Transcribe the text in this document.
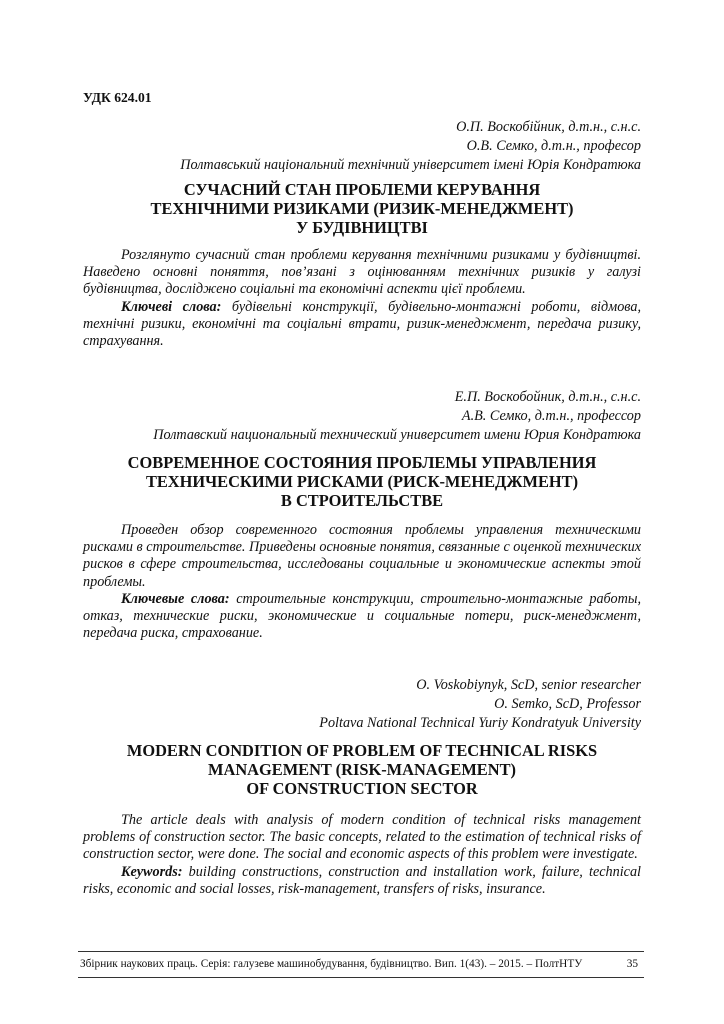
УДК 624.01
О.П. Воскобійник, д.т.н., с.н.с.
О.В. Семко, д.т.н., професор
Полтавський національний технічний університет імені Юрія Кондратюка
СУЧАСНИЙ СТАН ПРОБЛЕМИ КЕРУВАННЯ
ТЕХНІЧНИМИ РИЗИКАМИ (РИЗИК-МЕНЕДЖМЕНТ)
У БУДІВНИЦТВІ

Розглянуто сучасний стан проблеми керування технічними ризиками у будівництві. Наведено основні поняття, пов’язані з оцінюванням технічних ризиків у галузі будівництва, досліджено соціальні та економічні аспекти цієї проблеми.

Ключеві слова: будівельні конструкції, будівельно-монтажні роботи, відмова, технічні ризики, економічні та соціальні втрати, ризик-менеджмент, передача ризику, страхування.

Е.П. Воскобойник, д.т.н., с.н.с.
А.В. Семко, д.т.н., профессор
Полтавский национальный технический университет имени Юрия Кондратюка
СОВРЕМЕННОЕ СОСТОЯНИЯ ПРОБЛЕМЫ УПРАВЛЕНИЯ
ТЕХНИЧЕСКИМИ РИСКАМИ (РИСК-МЕНЕДЖМЕНТ)
В СТРОИТЕЛЬСТВЕ

Проведен обзор современного состояния проблемы управления техническими рисками в строительстве. Приведены основные понятия, связанные с оценкой технических рисков в сфере строительства, исследованы социальные и экономические аспекты этой проблемы.

Ключевые слова: строительные конструкции, строительно-монтажные работы, отказ, технические риски, экономические и социальные потери, риск-менеджмент, передача риска, страхование.

O. Voskobiynyk, ScD, senior researcher
O. Semko, ScD, Professor
Poltava National Technical Yuriy Kondratyuk University
MODERN CONDITION OF PROBLEM OF TECHNICAL RISKS
MANAGEMENT (RISK-MANAGEMENT)
OF CONSTRUCTION SECTOR

The article deals with analysis of modern condition of technical risks management problems of construction sector. The basic concepts, related to the estimation of technical risks of construction sector, were done. The social and economic aspects of this problem were investigate.

Keywords: building constructions, construction and installation work, failure, technical risks, economic and social losses, risk-management, transfers of risks, insurance.

Збірник наукових праць. Серія: галузеве машинобудування, будівництво. Вип. 1(43). – 2015. – ПолтНТУ	35
